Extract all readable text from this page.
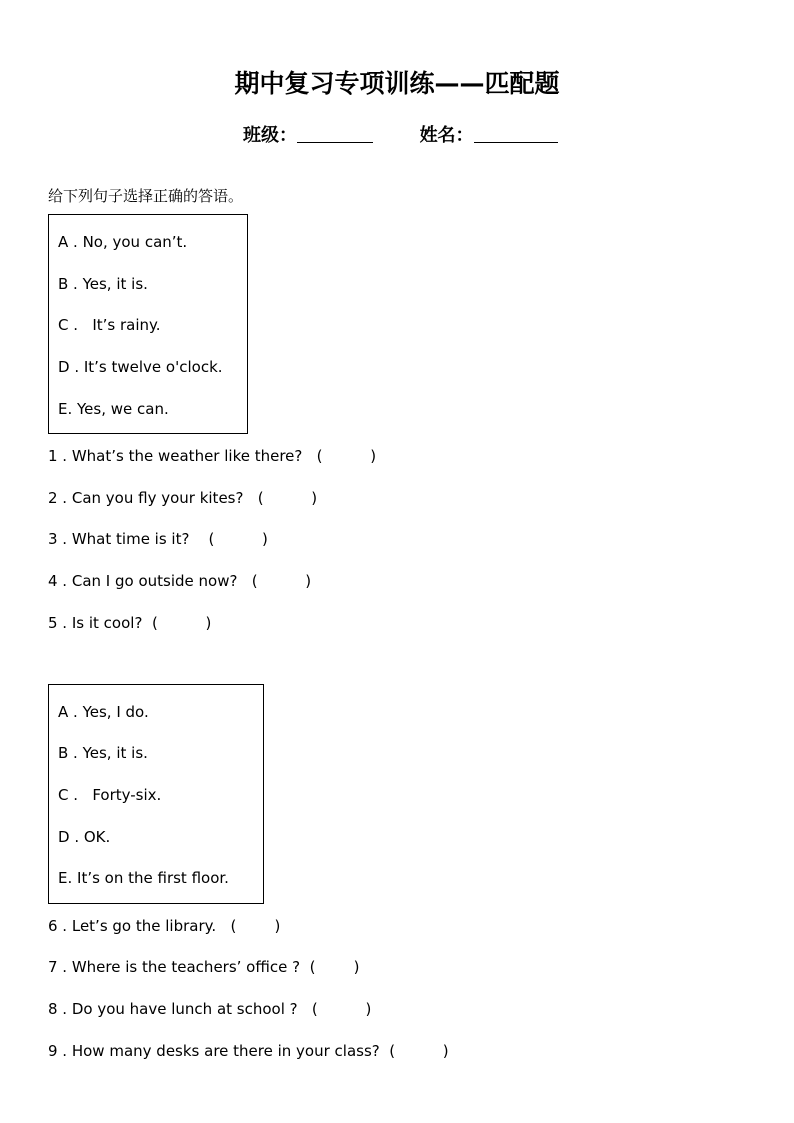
期中复习专项训练——匹配题
班级：	姓名：
给下列句子选择正确的答语。
A . No, you can’t.
B . Yes, it is.
C .   It’s rainy.
D . It’s twelve o'clock.
E. Yes, we can.
1 . What’s the weather like there?   (          )
2 . Can you fly your kites?   (          )
3 . What time is it?    (          )
4 . Can I go outside now?   (          )
5 . Is it cool?  (          )
A . Yes, I do.
B . Yes, it is.
C .   Forty-six.
D . OK.
E. It’s on the first floor.
6 . Let’s go the library.   (        )
7 . Where is the teachers’ office ?  (        )
8 . Do you have lunch at school ?   (          )
9 . How many desks are there in your class?  (          )
